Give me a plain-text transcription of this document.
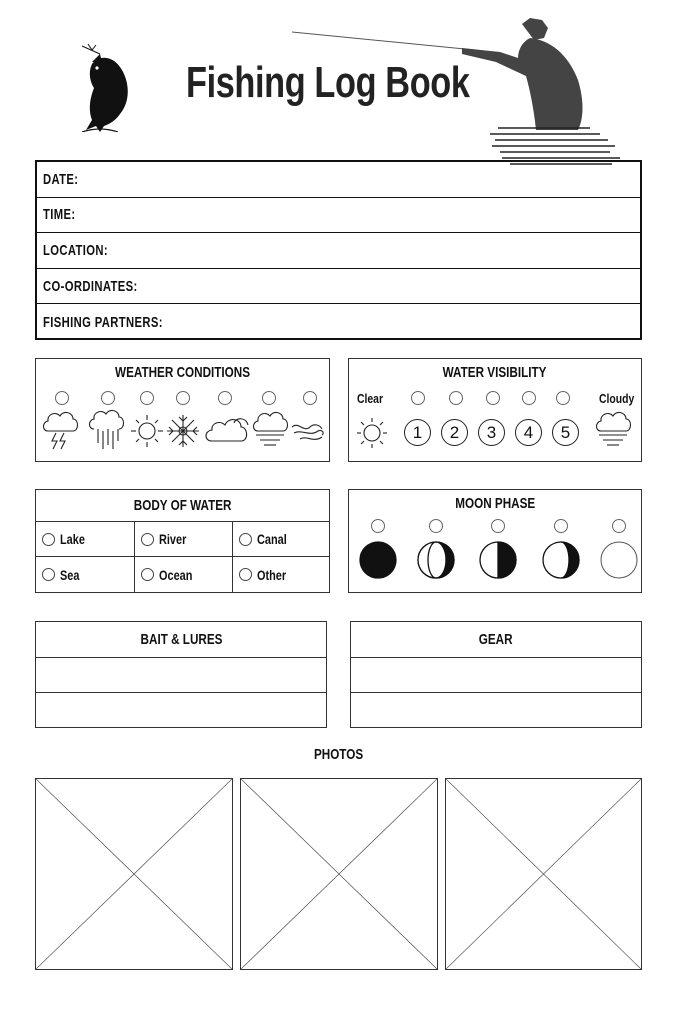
Fishing Log Book
DATE:
TIME:
LOCATION:
CO-ORDINATES:
FISHING PARTNERS:
WEATHER CONDITIONS	WATER VISIBILITY
Clear	Cloudy
1	2	3	4	5
BODY OF WATER
Lake	River	Canal
Sea	Ocean	Other
MOON PHASE
BAIT & LURES	GEAR
PHOTOS
